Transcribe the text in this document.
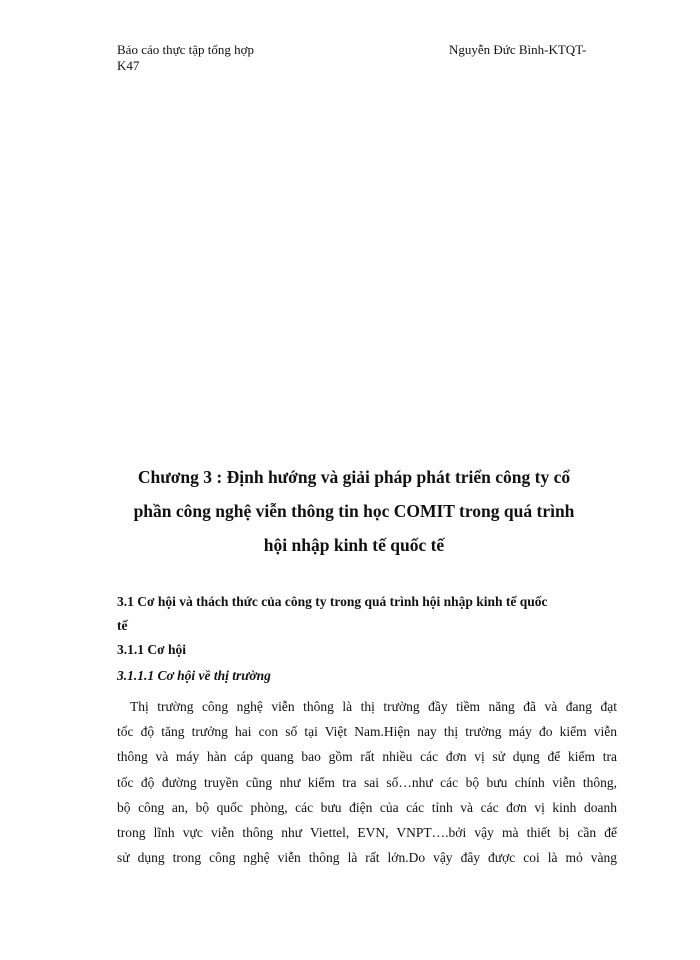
Báo cáo thực tập tổng hợp	Nguyễn Đức Bình-KTQT-
K47
Chương 3 : Định hướng và giải pháp phát triển công ty cổ
phần công nghệ viễn thông tin học COMIT trong quá trình
hội nhập kinh tế quốc tế
3.1 Cơ hội và thách thức của công ty trong quá trình hội nhập kinh tế quốc
tế
3.1.1 Cơ hội
3.1.1.1 Cơ hội về thị trường
Thị trường công nghệ viễn thông là thị trường đầy tiềm năng đã và đang đạt
tốc độ tăng trưởng hai con số tại Việt Nam.Hiện nay thị trường máy đo kiểm viễn
thông và máy hàn cáp quang bao gồm rất nhiều các đơn vị sử dụng để kiểm tra
tốc độ đường truyền cũng như kiểm tra sai số…như các bộ bưu chính viễn thông,
bộ công an, bộ quốc phòng, các bưu điện của các tỉnh và các đơn vị kinh doanh
trong lĩnh vực viễn thông như Viettel, EVN, VNPT….bởi vậy mà thiết bị cần để
sử dụng trong công nghệ viễn thông là rất lớn.Do vậy đây được coi là mỏ vàng
